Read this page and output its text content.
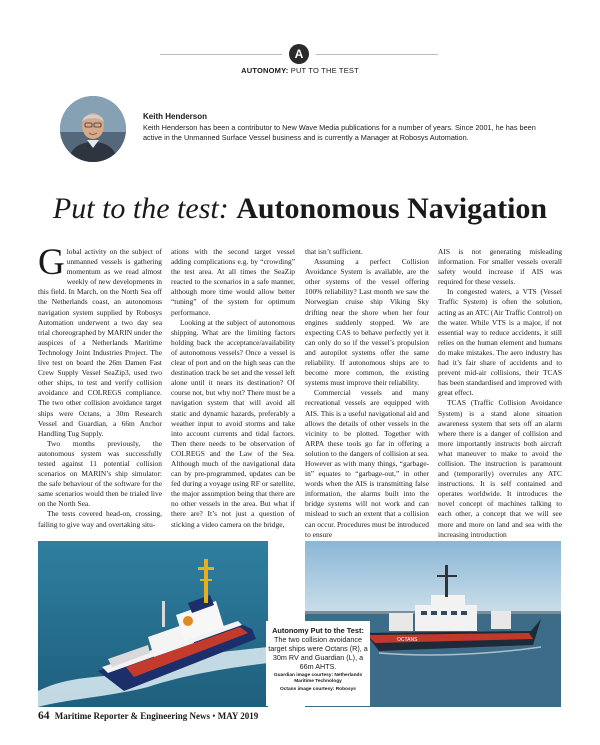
A
AUTONOMY: PUT TO THE TEST
Keith Henderson
Keith Henderson has been a contributor to New Wave Media publications for a number of years. Since 2001, he has been active in the Unmanned Surface Vessel business and is currently a Manager at Robosys Automation.
Put to the test: Autonomous Navigation

Global activity on the subject of unmanned vessels is gathering momentum as we read almost weekly of new developments in this field. In March, on the North Sea off the Netherlands coast, an autonomous navigation system supplied by Robosys Automation underwent a two day sea trial choreographed by MARIN under the auspices of a Netherlands Maritime Technology Joint Industries Project. The live test on board the 26m Damen Fast Crew Supply Vessel SeaZip3, used two other ships, to test and verify collision avoidance and COLREGS compliance. The two other collision avoidance target ships were Octans, a 30m Research Vessel and Guardian, a 66m Anchor Handling Tug Supply.

Two months previously, the autonomous system was successfully tested against 11 potential collision scenarios on MARIN’s ship simulator: the safe behaviour of the software for the same scenarios would then be trialed live on the North Sea.

The tests covered head-on, crossing, failing to give way and overtaking situ-

ations with the second target vessel adding complications e.g. by “crowding” the test area. At all times the SeaZip reacted to the scenarios in a safe manner, although more time would allow better “tuning” of the system for optimum performance.

Looking at the subject of autonomous shipping. What are the limiting factors holding back the acceptance/availability of autonomous vessels? Once a vessel is clear of port and on the high seas can the destination track be set and the vessel left alone until it nears its destination? Of course not, but why not? There must be a navigation system that will avoid all static and dynamic hazards, preferably a weather input to avoid storms and take into account currents and tidal factors. Then there needs to be observation of COLREGS and the Law of the Sea. Although much of the navigational data can by pre-programmed, updates can be fed during a voyage using RF or satellite, the major assumption being that there are no other vessels in the area. But what if there are? It’s not just a question of sticking a video camera on the bridge,

that isn’t sufficient.

Assuming a perfect Collision Avoidance System is available, are the other systems of the vessel offering 100% reliability? Last month we saw the Norwegian cruise ship Viking Sky drifting near the shore when her four engines suddenly stopped. We are expecting CAS to behave perfectly yet it can only do so if the vessel’s propulsion and autopilot systems offer the same reliability. If autonomous ships are to become more common, the existing systems must improve their reliability.

Commercial vessels and many recreational vessels are equipped with AIS. This is a useful navigational aid and allows the details of other vessels in the vicinity to be plotted. Together with ARPA these tools go far in offering a solution to the dangers of collision at sea. However as with many things, “garbage-in” equates to “garbage-out,” in other words when the AIS is transmitting false information, the alarms built into the bridge systems will not work and can mislead to such an extent that a collision can occur. Procedures must be introduced to ensure

AIS is not generating misleading information. For smaller vessels overall safety would increase if AIS was required for these vessels.

In congested waters, a VTS (Vessel Traffic System) is often the solution, acting as an ATC (Air Traffic Control) on the water. While VTS is a major, if not essential way to reduce accidents, it still relies on the human element and humans do make mistakes. The aero industry has had it’s fair share of accidents and to prevent mid-air collisions, their TCAS has been standardised and improved with great effect.

TCAS (Traffic Collision Avoidance System) is a stand alone situation awareness system that sets off an alarm where there is a danger of collision and more importantly instructs both aircraft what maneuver to make to avoid the collision. The instruction is paramount and (temporarily) overrules any ATC instructions. It is self contained and operates worldwide. It introduces the novel concept of machines talking to each other, a concept that we will see more and more on land and sea with the increasing introduction

OCTANS
Autonomy Put to the Test:
The two collision avoidance target ships were Octans (R), a 30m RV and Guardian (L), a 66m AHTS.
Guardian image courtesy: Netherlands Maritime Technology
Octans image courtesy: Robosys
64 Maritime Reporter & Engineering News • MAY 2019
